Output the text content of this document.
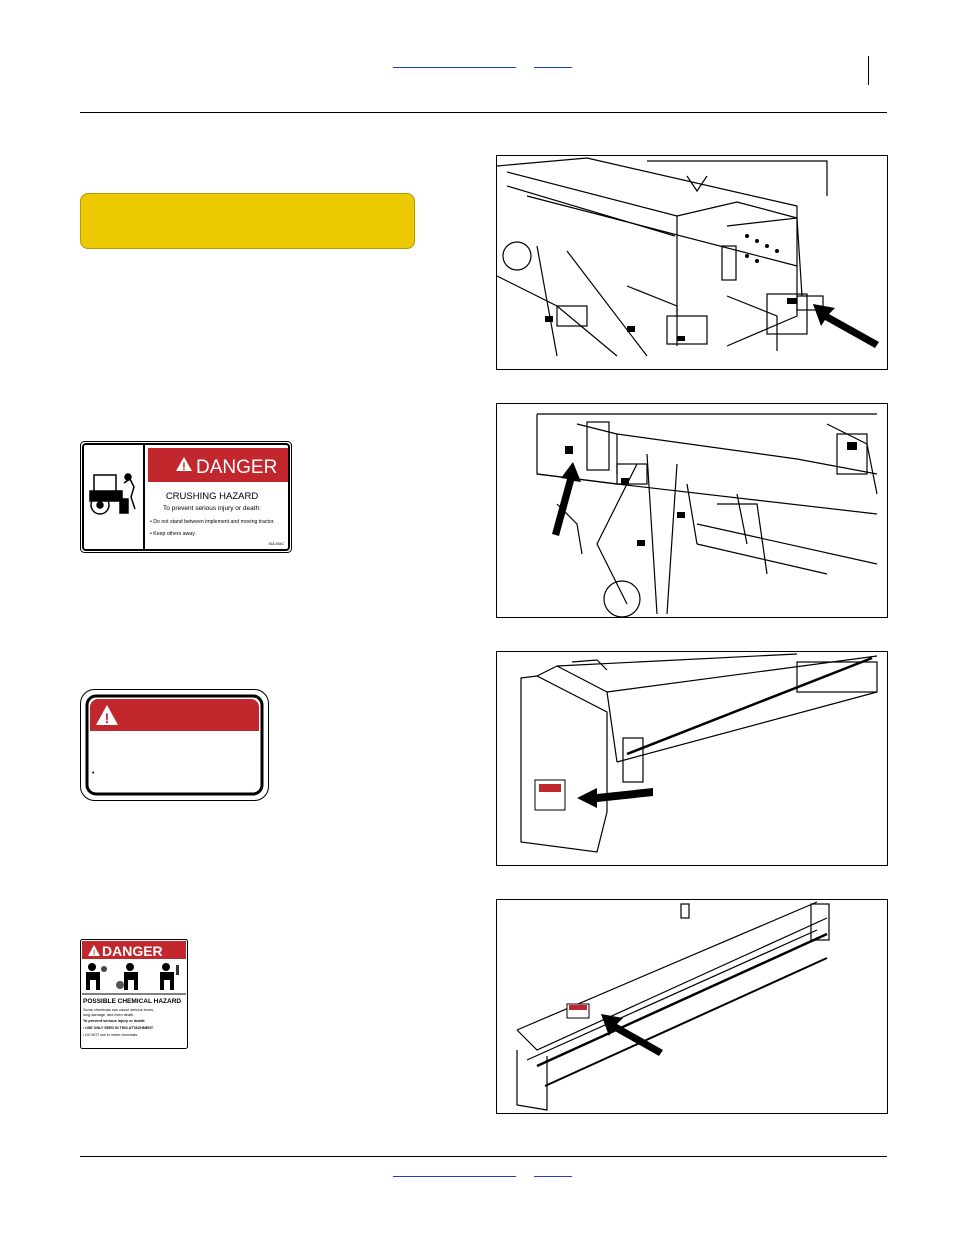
! DANGER
CRUSHING HAZARD
To prevent serious injury or death:
• Do not stand between implement and moving tractor.
• Keep others away.
818-554C
!
•
! DANGER
POSSIBLE CHEMICAL HAZARD
Some chemicals can cause serious burns,
lung damage, and even death.
To prevent serious injury or death:
• USE ONLY SEED IN THIS ATTACHMENT.
• DO NOT use to meter chemicals.
